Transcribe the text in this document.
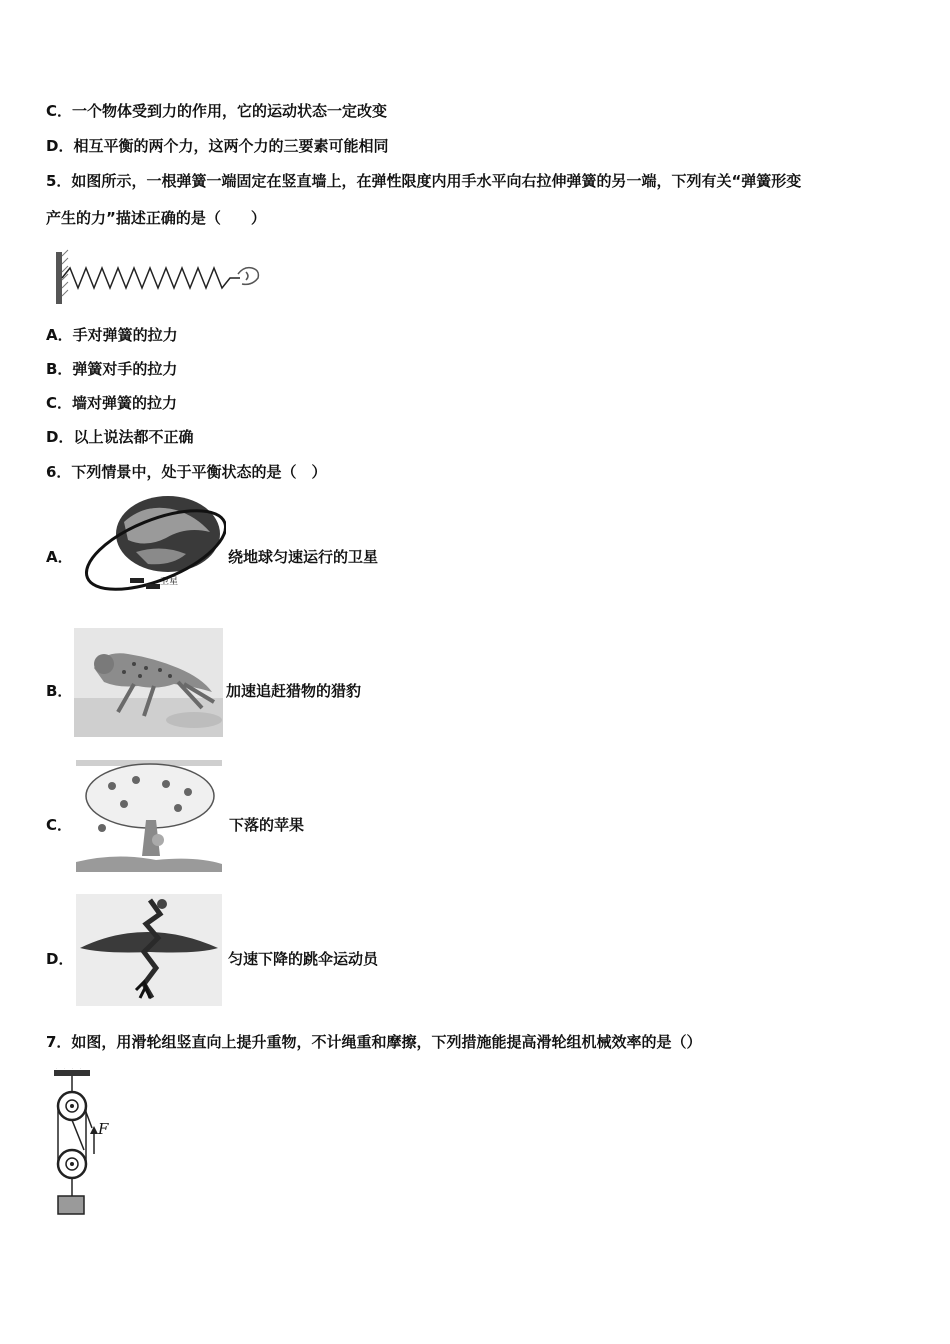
C．一个物体受到力的作用，它的运动状态一定改变
D．相互平衡的两个力，这两个力的三要素可能相同
5．如图所示，一根弹簧一端固定在竖直墙上，在弹性限度内用手水平向右拉伸弹簧的另一端，下列有关“弹簧形变
产生的力”描述正确的是（　　）
A．手对弹簧的拉力
B．弹簧对手的拉力
C．墙对弹簧的拉力
D．以上说法都不正确
6．下列情景中，处于平衡状态的是（　）
A．
卫星
绕地球匀速运行的卫星
B．	加速追赶猎物的猎豹
C．	下落的苹果
D．	匀速下降的跳伞运动员
7．如图，用滑轮组竖直向上提升重物，不计绳重和摩擦，下列措施能提高滑轮组机械效率的是（）
F
